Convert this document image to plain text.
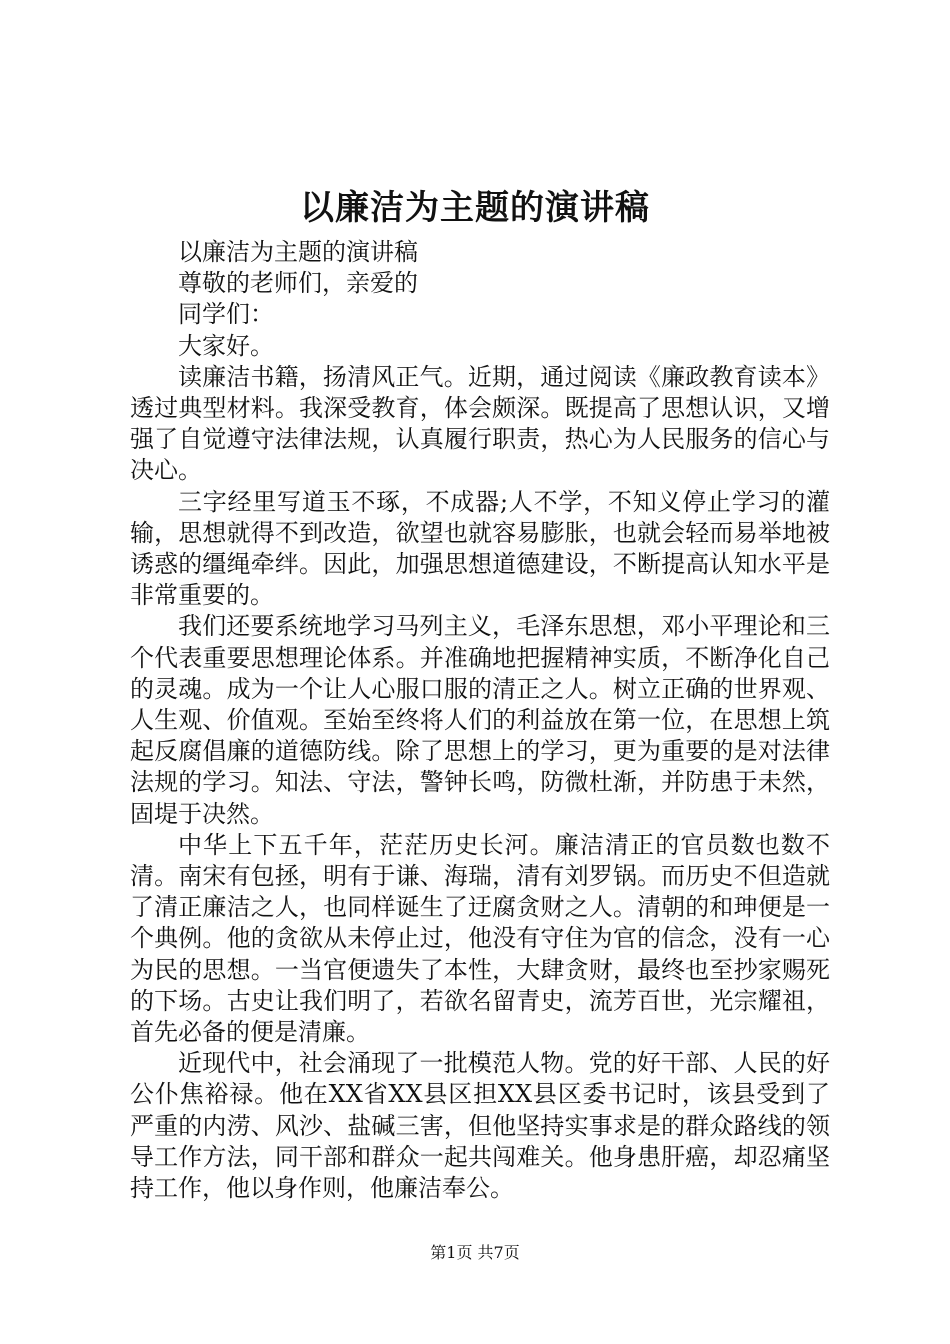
以廉洁为主题的演讲稿

以廉洁为主题的演讲稿

尊敬的老师们，亲爱的

同学们：

大家好。

读廉洁书籍，扬清风正气。近期，通过阅读《廉政教育读本》透过典型材料。我深受教育，体会颇深。既提高了思想认识，又增强了自觉遵守法律法规，认真履行职责，热心为人民服务的信心与决心。

三字经里写道玉不琢，不成器;人不学，不知义停止学习的灌输，思想就得不到改造，欲望也就容易膨胀，也就会轻而易举地被诱惑的缰绳牵绊。因此，加强思想道德建设，不断提高认知水平是非常重要的。

我们还要系统地学习马列主义，毛泽东思想，邓小平理论和三个代表重要思想理论体系。并准确地把握精神实质，不断净化自己的灵魂。成为一个让人心服口服的清正之人。树立正确的世界观、人生观、价值观。至始至终将人们的利益放在第一位，在思想上筑起反腐倡廉的道德防线。除了思想上的学习，更为重要的是对法律法规的学习。知法、守法，警钟长鸣，防微杜渐，并防患于未然，固堤于决然。

中华上下五千年，茫茫历史长河。廉洁清正的官员数也数不清。南宋有包拯，明有于谦、海瑞，清有刘罗锅。而历史不但造就了清正廉洁之人，也同样诞生了迂腐贪财之人。清朝的和珅便是一个典例。他的贪欲从未停止过，他没有守住为官的信念，没有一心为民的思想。一当官便遗失了本性，大肆贪财，最终也至抄家赐死的下场。古史让我们明了，若欲名留青史，流芳百世，光宗耀祖，首先必备的便是清廉。

近现代中，社会涌现了一批模范人物。党的好干部、人民的好公仆焦裕禄。他在XX省XX县区担XX县区委书记时，该县受到了严重的内涝、风沙、盐碱三害，但他坚持实事求是的群众路线的领导工作方法，同干部和群众一起共闯难关。他身患肝癌，却忍痛坚持工作，他以身作则，他廉洁奉公。

第1页 共7页
